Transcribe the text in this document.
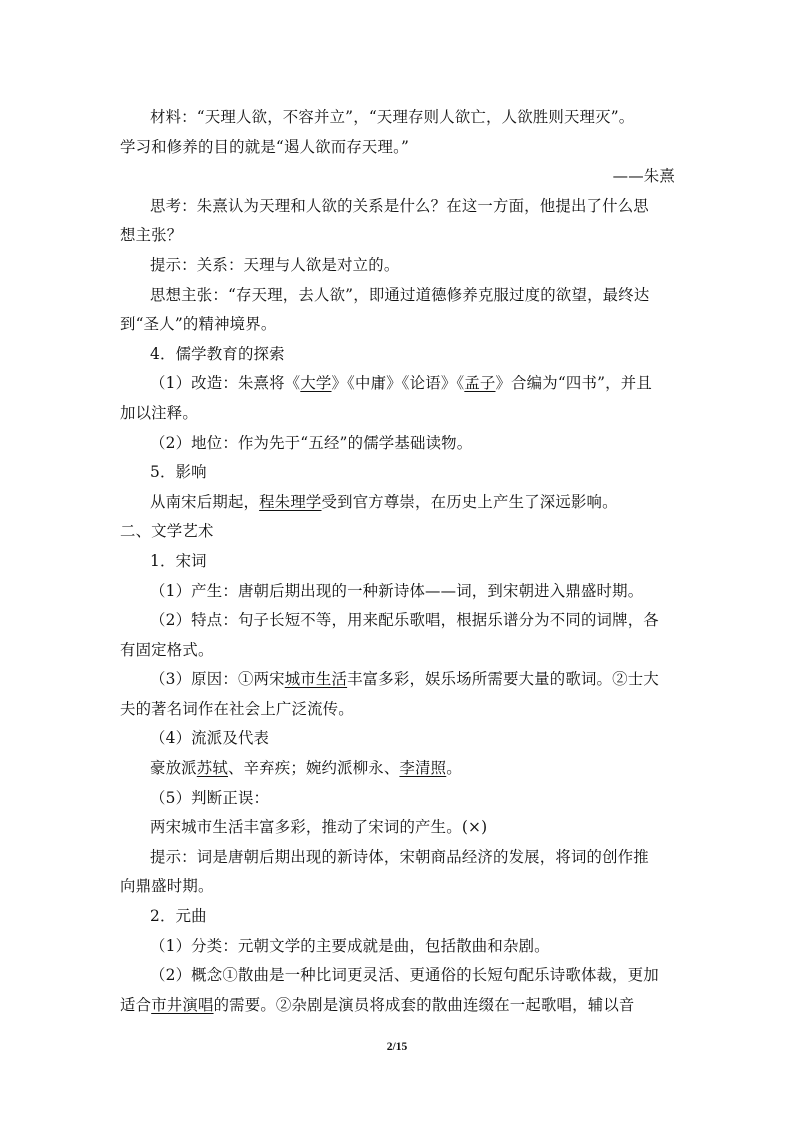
材料：“天理人欲，不容并立”，“天理存则人欲亡，人欲胜则天理灭”。
学习和修养的目的就是“遏人欲而存天理。”
——朱熹
思考：朱熹认为天理和人欲的关系是什么？在这一方面，他提出了什么思
想主张？
提示：关系：天理与人欲是对立的。
思想主张：“存天理，去人欲”，即通过道德修养克服过度的欲望，最终达
到“圣人”的精神境界。
4．儒学教育的探索
（1）改造：朱熹将《大学》《中庸》《论语》《孟子》合编为“四书”，并且
加以注释。
（2）地位：作为先于“五经”的儒学基础读物。
5．影响
从南宋后期起，程朱理学受到官方尊崇，在历史上产生了深远影响。
二、文学艺术
1．宋词
（1）产生：唐朝后期出现的一种新诗体——词，到宋朝进入鼎盛时期。
（2）特点：句子长短不等，用来配乐歌唱，根据乐谱分为不同的词牌，各
有固定格式。
（3）原因：①两宋城市生活丰富多彩，娱乐场所需要大量的歌词。②士大
夫的著名词作在社会上广泛流传。
（4）流派及代表
豪放派苏轼、辛弃疾；婉约派柳永、李清照。
（5）判断正误：
两宋城市生活丰富多彩，推动了宋词的产生。(×)
提示：词是唐朝后期出现的新诗体，宋朝商品经济的发展，将词的创作推
向鼎盛时期。
2．元曲
（1）分类：元朝文学的主要成就是曲，包括散曲和杂剧。
（2）概念①散曲是一种比词更灵活、更通俗的长短句配乐诗歌体裁，更加
适合市井演唱的需要。②杂剧是演员将成套的散曲连缀在一起歌唱，辅以音
2/15
